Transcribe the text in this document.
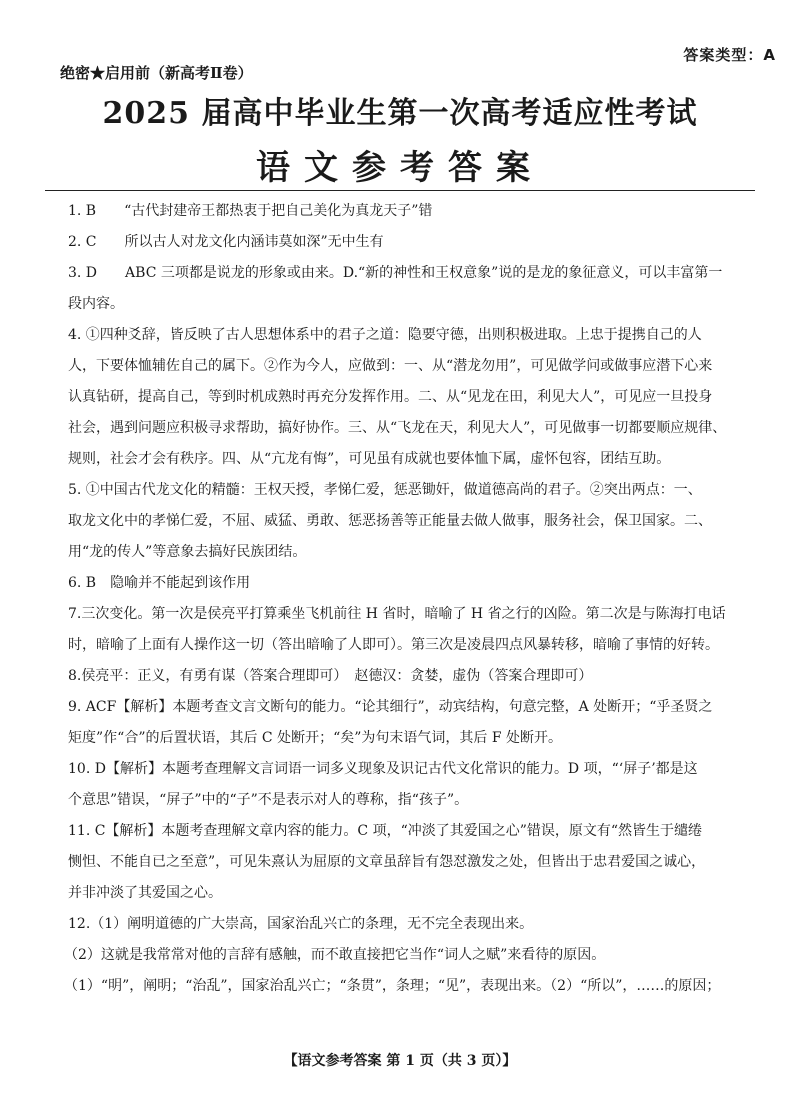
答案类型：A
绝密★启用前（新高考Ⅱ卷）
2025 届高中毕业生第一次高考适应性考试
语文参考答案

1. B　　“古代封建帝王都热衷于把自己美化为真龙天子”错

2. C　　所以古人对龙文化内涵讳莫如深”无中生有

3. D　　ABC 三项都是说龙的形象或由来。D.“新的神性和王权意象”说的是龙的象征意义，可以丰富第一
段内容。

4. ①四种爻辞，皆反映了古人思想体系中的君子之道：隐要守德，出则积极进取。上忠于提携自己的人
人，下要体恤辅佐自己的属下。②作为今人，应做到：一、从“潜龙勿用”，可见做学问或做事应潜下心来
认真钻研，提高自己，等到时机成熟时再充分发挥作用。二、从“见龙在田，利见大人”，可见应一旦投身
社会，遇到问题应积极寻求帮助，搞好协作。三、从“飞龙在天，利见大人”，可见做事一切都要顺应规律、
规则，社会才会有秩序。四、从“亢龙有悔”，可见虽有成就也要体恤下属，虚怀包容，团结互助。

5. ①中国古代龙文化的精髓：王权天授，孝悌仁爱，惩恶锄奸，做道德高尚的君子。②突出两点：一、
取龙文化中的孝悌仁爱，不屈、威猛、勇敢、惩恶扬善等正能量去做人做事，服务社会，保卫国家。二、
用“龙的传人”等意象去搞好民族团结。

6. B　隐喻并不能起到该作用

7.三次变化。第一次是侯亮平打算乘坐飞机前往 H 省时，暗喻了 H 省之行的凶险。第二次是与陈海打电话
时，暗喻了上面有人操作这一切（答出暗喻了人即可）。第三次是凌晨四点风暴转移，暗喻了事情的好转。

8.侯亮平：正义，有勇有谋（答案合理即可）　赵德汉：贪婪，虚伪（答案合理即可）

9. ACF【解析】本题考查文言文断句的能力。“论其细行”，动宾结构，句意完整，A 处断开；“乎圣贤之
矩度”作“合”的后置状语，其后 C 处断开；“矣”为句末语气词，其后 F 处断开。

10. D【解析】本题考查理解文言词语一词多义现象及识记古代文化常识的能力。D 项，“‘屏子’都是这
个意思”错误，“屏子”中的“子”不是表示对人的尊称，指“孩子”。

11. C【解析】本题考查理解文章内容的能力。C 项，“冲淡了其爱国之心”错误，原文有“然皆生于缱绻
恻怛、不能自已之至意”，可见朱熹认为屈原的文章虽辞旨有怨怼激发之处，但皆出于忠君爱国之诚心，
并非冲淡了其爱国之心。

12.（1）阐明道德的广大崇高，国家治乱兴亡的条理，无不完全表现出来。
（2）这就是我常常对他的言辞有感触，而不敢直接把它当作“词人之赋”来看待的原因。
（1）“明”，阐明；“治乱”，国家治乱兴亡；“条贯”，条理；“见”，表现出来。（2）“所以”，……的原因；

【语文参考答案 第 1 页（共 3 页）】
